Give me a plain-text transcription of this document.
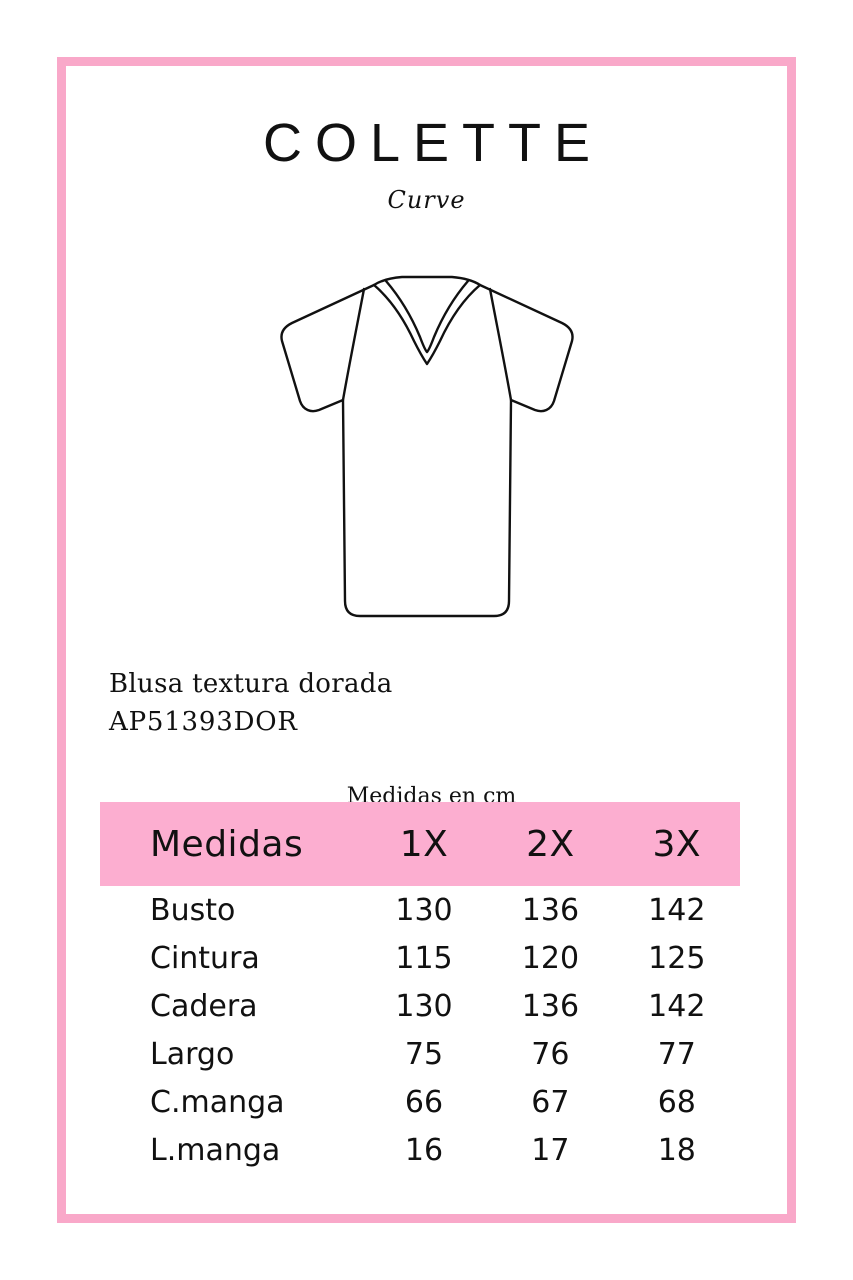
COLETTE
Curve
Blusa textura dorada
AP51393DOR
Medidas en cm
Medidas	1X	2X	3X
Busto	130	136	142
Cintura	115	120	125
Cadera	130	136	142
Largo	75	76	77
C.manga	66	67	68
L.manga	16	17	18
